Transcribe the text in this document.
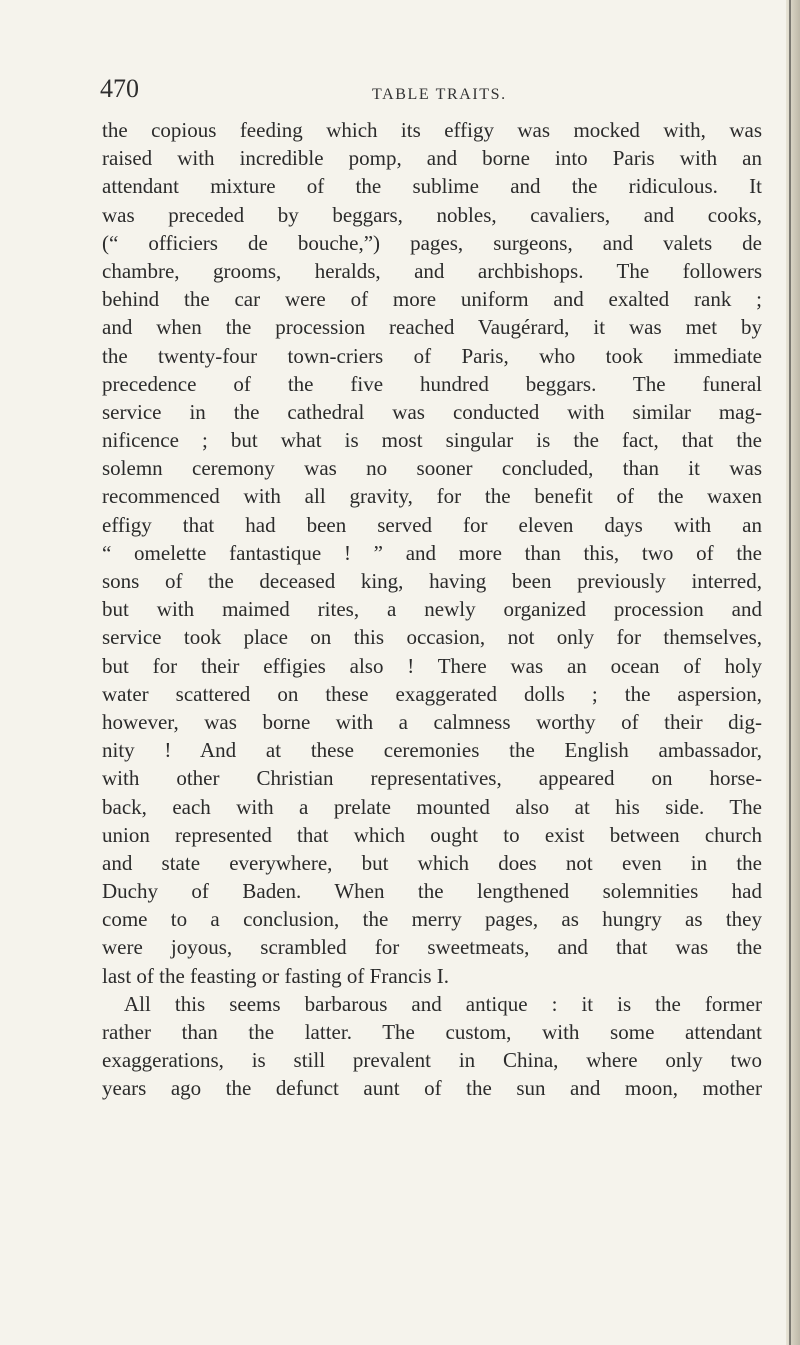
470	TABLE TRAITS.
the copious feeding which its effigy was mocked with, was
raised with incredible pomp, and borne into Paris with an
attendant mixture of the sublime and the ridiculous. It
was preceded by beggars, nobles, cavaliers, and cooks,
(“ officiers de bouche,”) pages, surgeons, and valets de
chambre, grooms, heralds, and archbishops. The followers
behind the car were of more uniform and exalted rank ;
and when the procession reached Vaugérard, it was met by
the twenty-four town-criers of Paris, who took immediate
precedence of the five hundred beggars. The funeral
service in the cathedral was conducted with similar mag-
nificence ; but what is most singular is the fact, that the
solemn ceremony was no sooner concluded, than it was
recommenced with all gravity, for the benefit of the waxen
effigy that had been served for eleven days with an
“ omelette fantastique ! ” and more than this, two of the
sons of the deceased king, having been previously interred,
but with maimed rites, a newly organized procession and
service took place on this occasion, not only for themselves,
but for their effigies also ! There was an ocean of holy
water scattered on these exaggerated dolls ; the aspersion,
however, was borne with a calmness worthy of their dig-
nity ! And at these ceremonies the English ambassador,
with other Christian representatives, appeared on horse-
back, each with a prelate mounted also at his side. The
union represented that which ought to exist between church
and state everywhere, but which does not even in the
Duchy of Baden. When the lengthened solemnities had
come to a conclusion, the merry pages, as hungry as they
were joyous, scrambled for sweetmeats, and that was the
last of the feasting or fasting of Francis I.
All this seems barbarous and antique : it is the former
rather than the latter. The custom, with some attendant
exaggerations, is still prevalent in China, where only two
years ago the defunct aunt of the sun and moon, mother
